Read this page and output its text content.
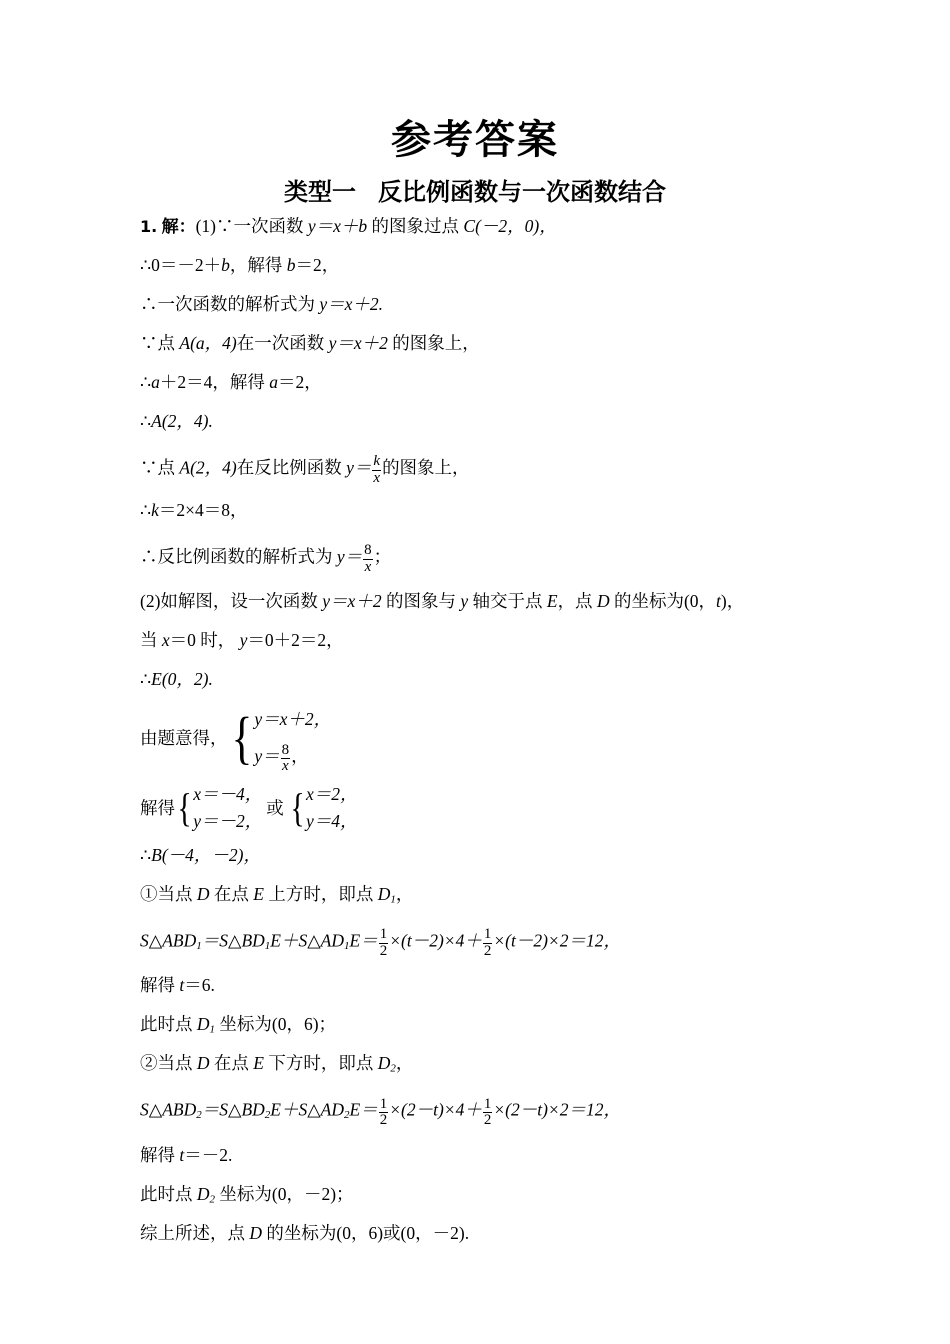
参考答案
类型一 反比例函数与一次函数结合
1. 解：(1)∵一次函数 y＝x＋b 的图象过点 C(－2，0)，
∴0＝－2＋b，解得 b＝2，
∴一次函数的解析式为 y＝x＋2.
∵点 A(a，4)在一次函数 y＝x＋2 的图象上，
∴a＋2＝4，解得 a＝2，
∴A(2，4).
∵点 A(2，4)在反比例函数 $y= \frac{k}{x}$ 的图象上，
∴k＝2×4＝8，
∴反比例函数的解析式为 $y= \frac{8}{x}$ ；
(2)如解图，设一次函数 y＝x＋2 的图象与 y 轴交于点 E，点 D 的坐标为(0，t)，
当 x＝0 时， y＝0＋2＝2，
∴E(0，2).
由题意得， { y＝x＋2，
$y= \frac{8}{x}$ ，
解得 { x＝－4，
y＝－2，
或 { x＝2，
y＝4，
∴B(－4，－2)，
①当点 D 在点 E 上方时，即点 $D_1$，
$S\triangle ABD_1=S\triangle BD_1E+S\triangle AD_1E= \frac{1}{2} \times(t-2)\times 4+ \frac{1}{2} \times(t-2)\times 2=12$，
解得 t＝6.
此时点 $D_1$ 坐标为(0，6)；
②当点 D 在点 E 下方时，即点 $D_2$，
$S\triangle ABD_2=S\triangle BD_2E+S\triangle AD_2E= \frac{1}{2} \times(2-t)\times 4+ \frac{1}{2} \times(2-t)\times 2=12$，
解得 t＝－2.
此时点 $D_2$ 坐标为(0，－2)；
综上所述，点 D 的坐标为(0，6)或(0，－2).
